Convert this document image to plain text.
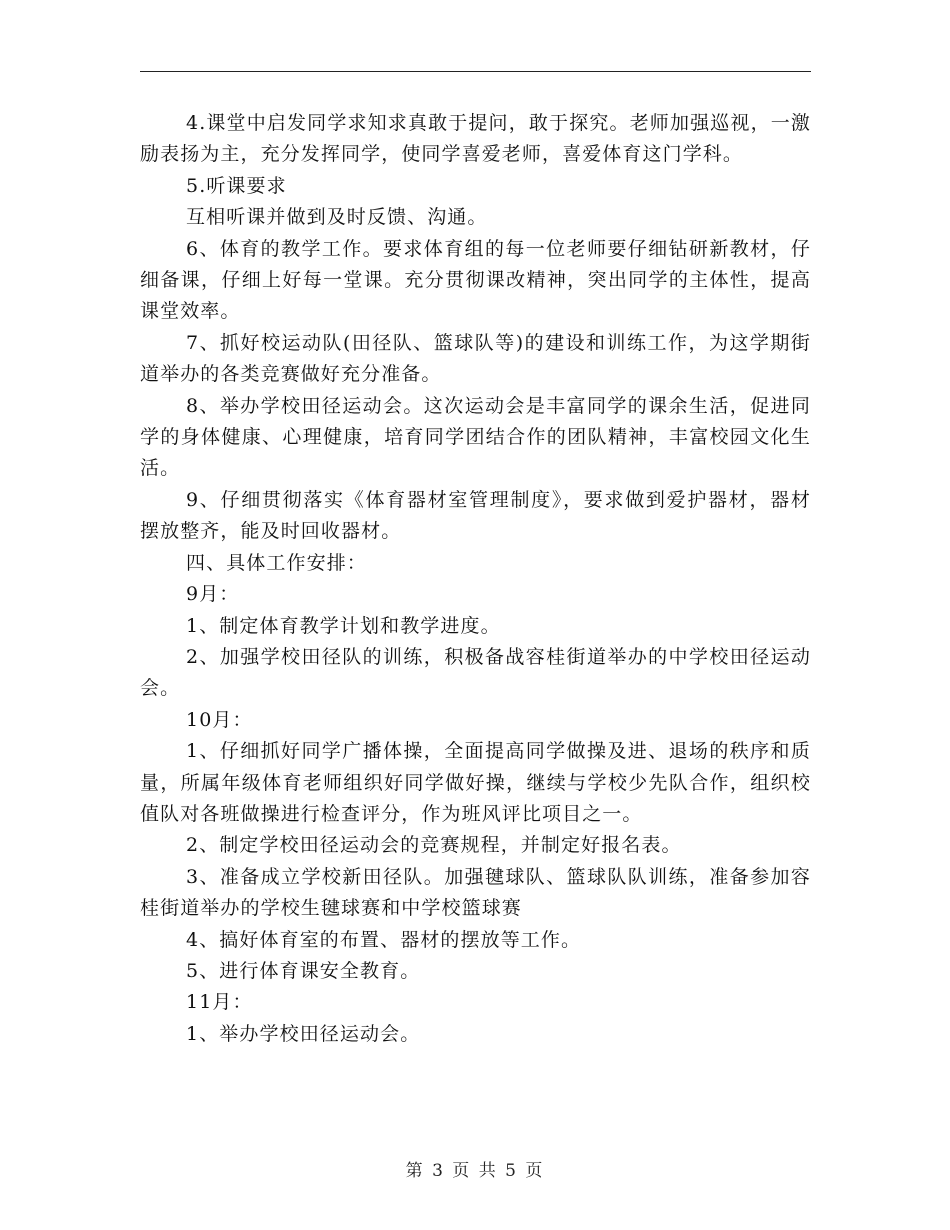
4.课堂中启发同学求知求真敢于提问，敢于探究。老师加强巡视，一激励表扬为主，充分发挥同学，使同学喜爱老师，喜爱体育这门学科。

5.听课要求

互相听课并做到及时反馈、沟通。

6、体育的教学工作。要求体育组的每一位老师要仔细钻研新教材，仔细备课，仔细上好每一堂课。充分贯彻课改精神，突出同学的主体性，提高课堂效率。

7、抓好校运动队(田径队、篮球队等)的建设和训练工作，为这学期街道举办的各类竞赛做好充分准备。

8、举办学校田径运动会。这次运动会是丰富同学的课余生活，促进同学的身体健康、心理健康，培育同学团结合作的团队精神，丰富校园文化生活。

9、仔细贯彻落实《体育器材室管理制度》，要求做到爱护器材，器材摆放整齐，能及时回收器材。

四、具体工作安排：

9月：

1、制定体育教学计划和教学进度。

2、加强学校田径队的训练，积极备战容桂街道举办的中学校田径运动会。

10月：

1、仔细抓好同学广播体操，全面提高同学做操及进、退场的秩序和质量，所属年级体育老师组织好同学做好操，继续与学校少先队合作，组织校值队对各班做操进行检查评分，作为班风评比项目之一。

2、制定学校田径运动会的竞赛规程，并制定好报名表。

3、准备成立学校新田径队。加强毽球队、篮球队队训练，准备参加容桂街道举办的学校生毽球赛和中学校篮球赛

4、搞好体育室的布置、器材的摆放等工作。

5、进行体育课安全教育。

11月：

1、举办学校田径运动会。

第 3 页 共 5 页
